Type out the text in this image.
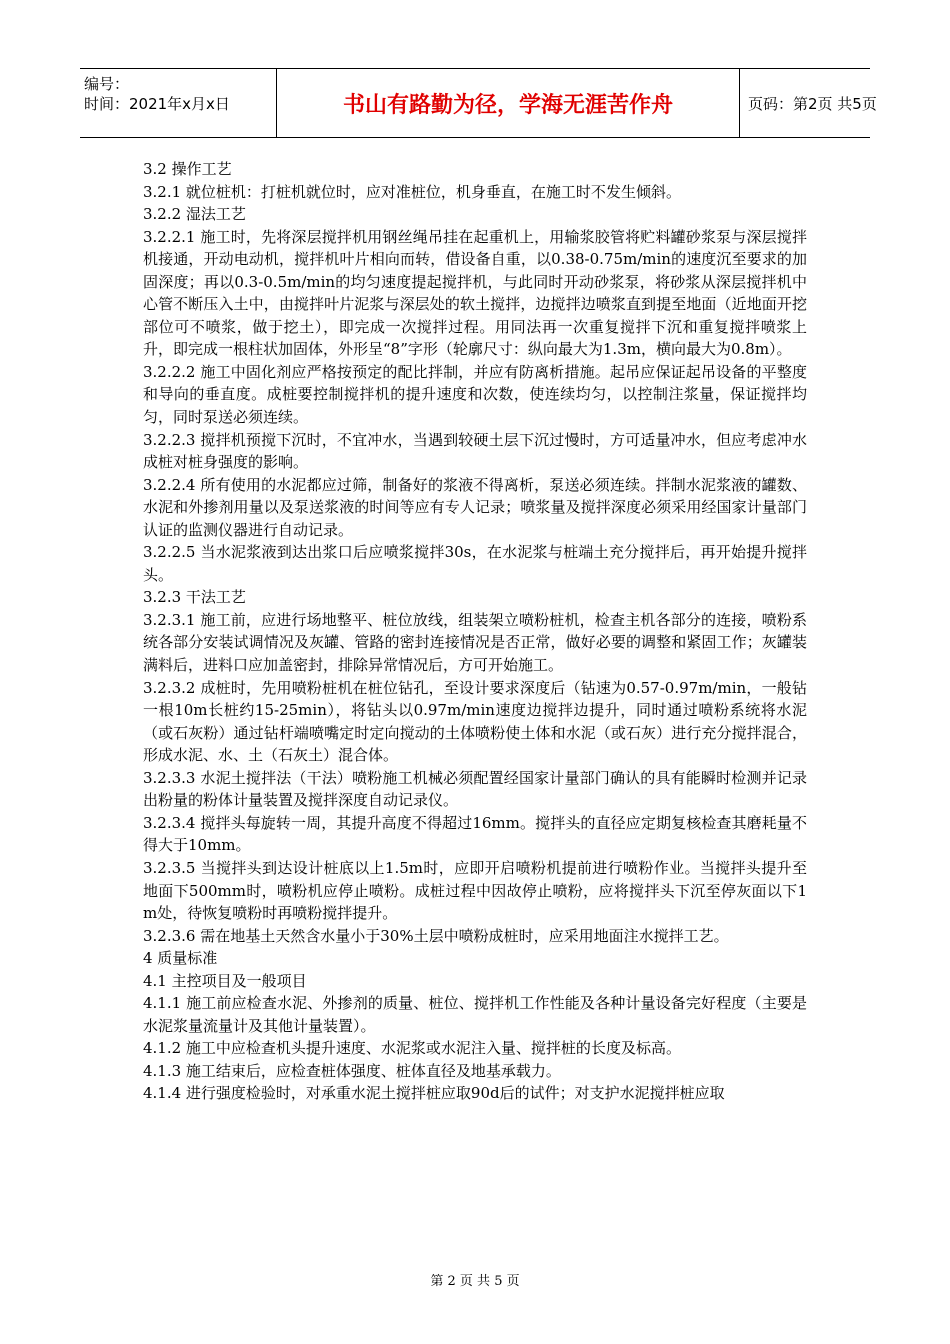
编号：
时间：2021年x月x日	书山有路勤为径，学海无涯苦作舟	页码：第2页 共5页

3.2 操作工艺

3.2.1 就位桩机：打桩机就位时，应对准桩位，机身垂直，在施工时不发生倾斜。

3.2.2 湿法工艺

3.2.2.1 施工时，先将深层搅拌机用钢丝绳吊挂在起重机上，用输浆胶管将贮料罐砂浆泵与深层搅拌机接通，开动电动机，搅拌机叶片相向而转，借设备自重，以0.38-0.75m/min的速度沉至要求的加固深度；再以0.3-0.5m/min的均匀速度提起搅拌机，与此同时开动砂浆泵，将砂浆从深层搅拌机中心管不断压入土中，由搅拌叶片泥浆与深层处的软土搅拌，边搅拌边喷浆直到提至地面（近地面开挖部位可不喷浆，做于挖土），即完成一次搅拌过程。用同法再一次重复搅拌下沉和重复搅拌喷浆上升，即完成一根柱状加固体，外形呈“8”字形（轮廓尺寸：纵向最大为1.3m，横向最大为0.8m）。

3.2.2.2 施工中固化剂应严格按预定的配比拌制，并应有防离析措施。起吊应保证起吊设备的平整度和导向的垂直度。成桩要控制搅拌机的提升速度和次数，使连续均匀，以控制注浆量，保证搅拌均匀，同时泵送必须连续。

3.2.2.3 搅拌机预搅下沉时，不宜冲水，当遇到较硬土层下沉过慢时，方可适量冲水，但应考虑冲水成桩对桩身强度的影响。

3.2.2.4 所有使用的水泥都应过筛，制备好的浆液不得离析，泵送必须连续。拌制水泥浆液的罐数、水泥和外掺剂用量以及泵送浆液的时间等应有专人记录；喷浆量及搅拌深度必须采用经国家计量部门认证的监测仪器进行自动记录。

3.2.2.5 当水泥浆液到达出浆口后应喷浆搅拌30s，在水泥浆与桩端土充分搅拌后，再开始提升搅拌头。

3.2.3 干法工艺

3.2.3.1 施工前，应进行场地整平、桩位放线，组装架立喷粉桩机，检查主机各部分的连接，喷粉系统各部分安装试调情况及灰罐、管路的密封连接情况是否正常，做好必要的调整和紧固工作；灰罐装满料后，进料口应加盖密封，排除异常情况后，方可开始施工。

3.2.3.2 成桩时，先用喷粉桩机在桩位钻孔，至设计要求深度后（钻速为0.57-0.97m/min，一般钻一根10m长桩约15-25min），将钻头以0.97m/min速度边搅拌边提升，同时通过喷粉系统将水泥（或石灰粉）通过钻杆端喷嘴定时定向搅动的土体喷粉使土体和水泥（或石灰）进行充分搅拌混合，形成水泥、水、土（石灰土）混合体。

3.2.3.3 水泥土搅拌法（干法）喷粉施工机械必须配置经国家计量部门确认的具有能瞬时检测并记录出粉量的粉体计量装置及搅拌深度自动记录仪。

3.2.3.4 搅拌头每旋转一周，其提升高度不得超过16mm。搅拌头的直径应定期复核检查其磨耗量不得大于10mm。

3.2.3.5 当搅拌头到达设计桩底以上1.5m时，应即开启喷粉机提前进行喷粉作业。当搅拌头提升至地面下500mm时，喷粉机应停止喷粉。成桩过程中因故停止喷粉，应将搅拌头下沉至停灰面以下1m处，待恢复喷粉时再喷粉搅拌提升。

3.2.3.6 需在地基土天然含水量小于30%土层中喷粉成桩时，应采用地面注水搅拌工艺。

4 质量标准

4.1 主控项目及一般项目

4.1.1 施工前应检查水泥、外掺剂的质量、桩位、搅拌机工作性能及各种计量设备完好程度（主要是水泥浆量流量计及其他计量装置）。

4.1.2 施工中应检查机头提升速度、水泥浆或水泥注入量、搅拌桩的长度及标高。

4.1.3 施工结束后，应检查桩体强度、桩体直径及地基承载力。

4.1.4 进行强度检验时，对承重水泥土搅拌桩应取90d后的试件；对支护水泥搅拌桩应取

第 2 页 共 5 页
